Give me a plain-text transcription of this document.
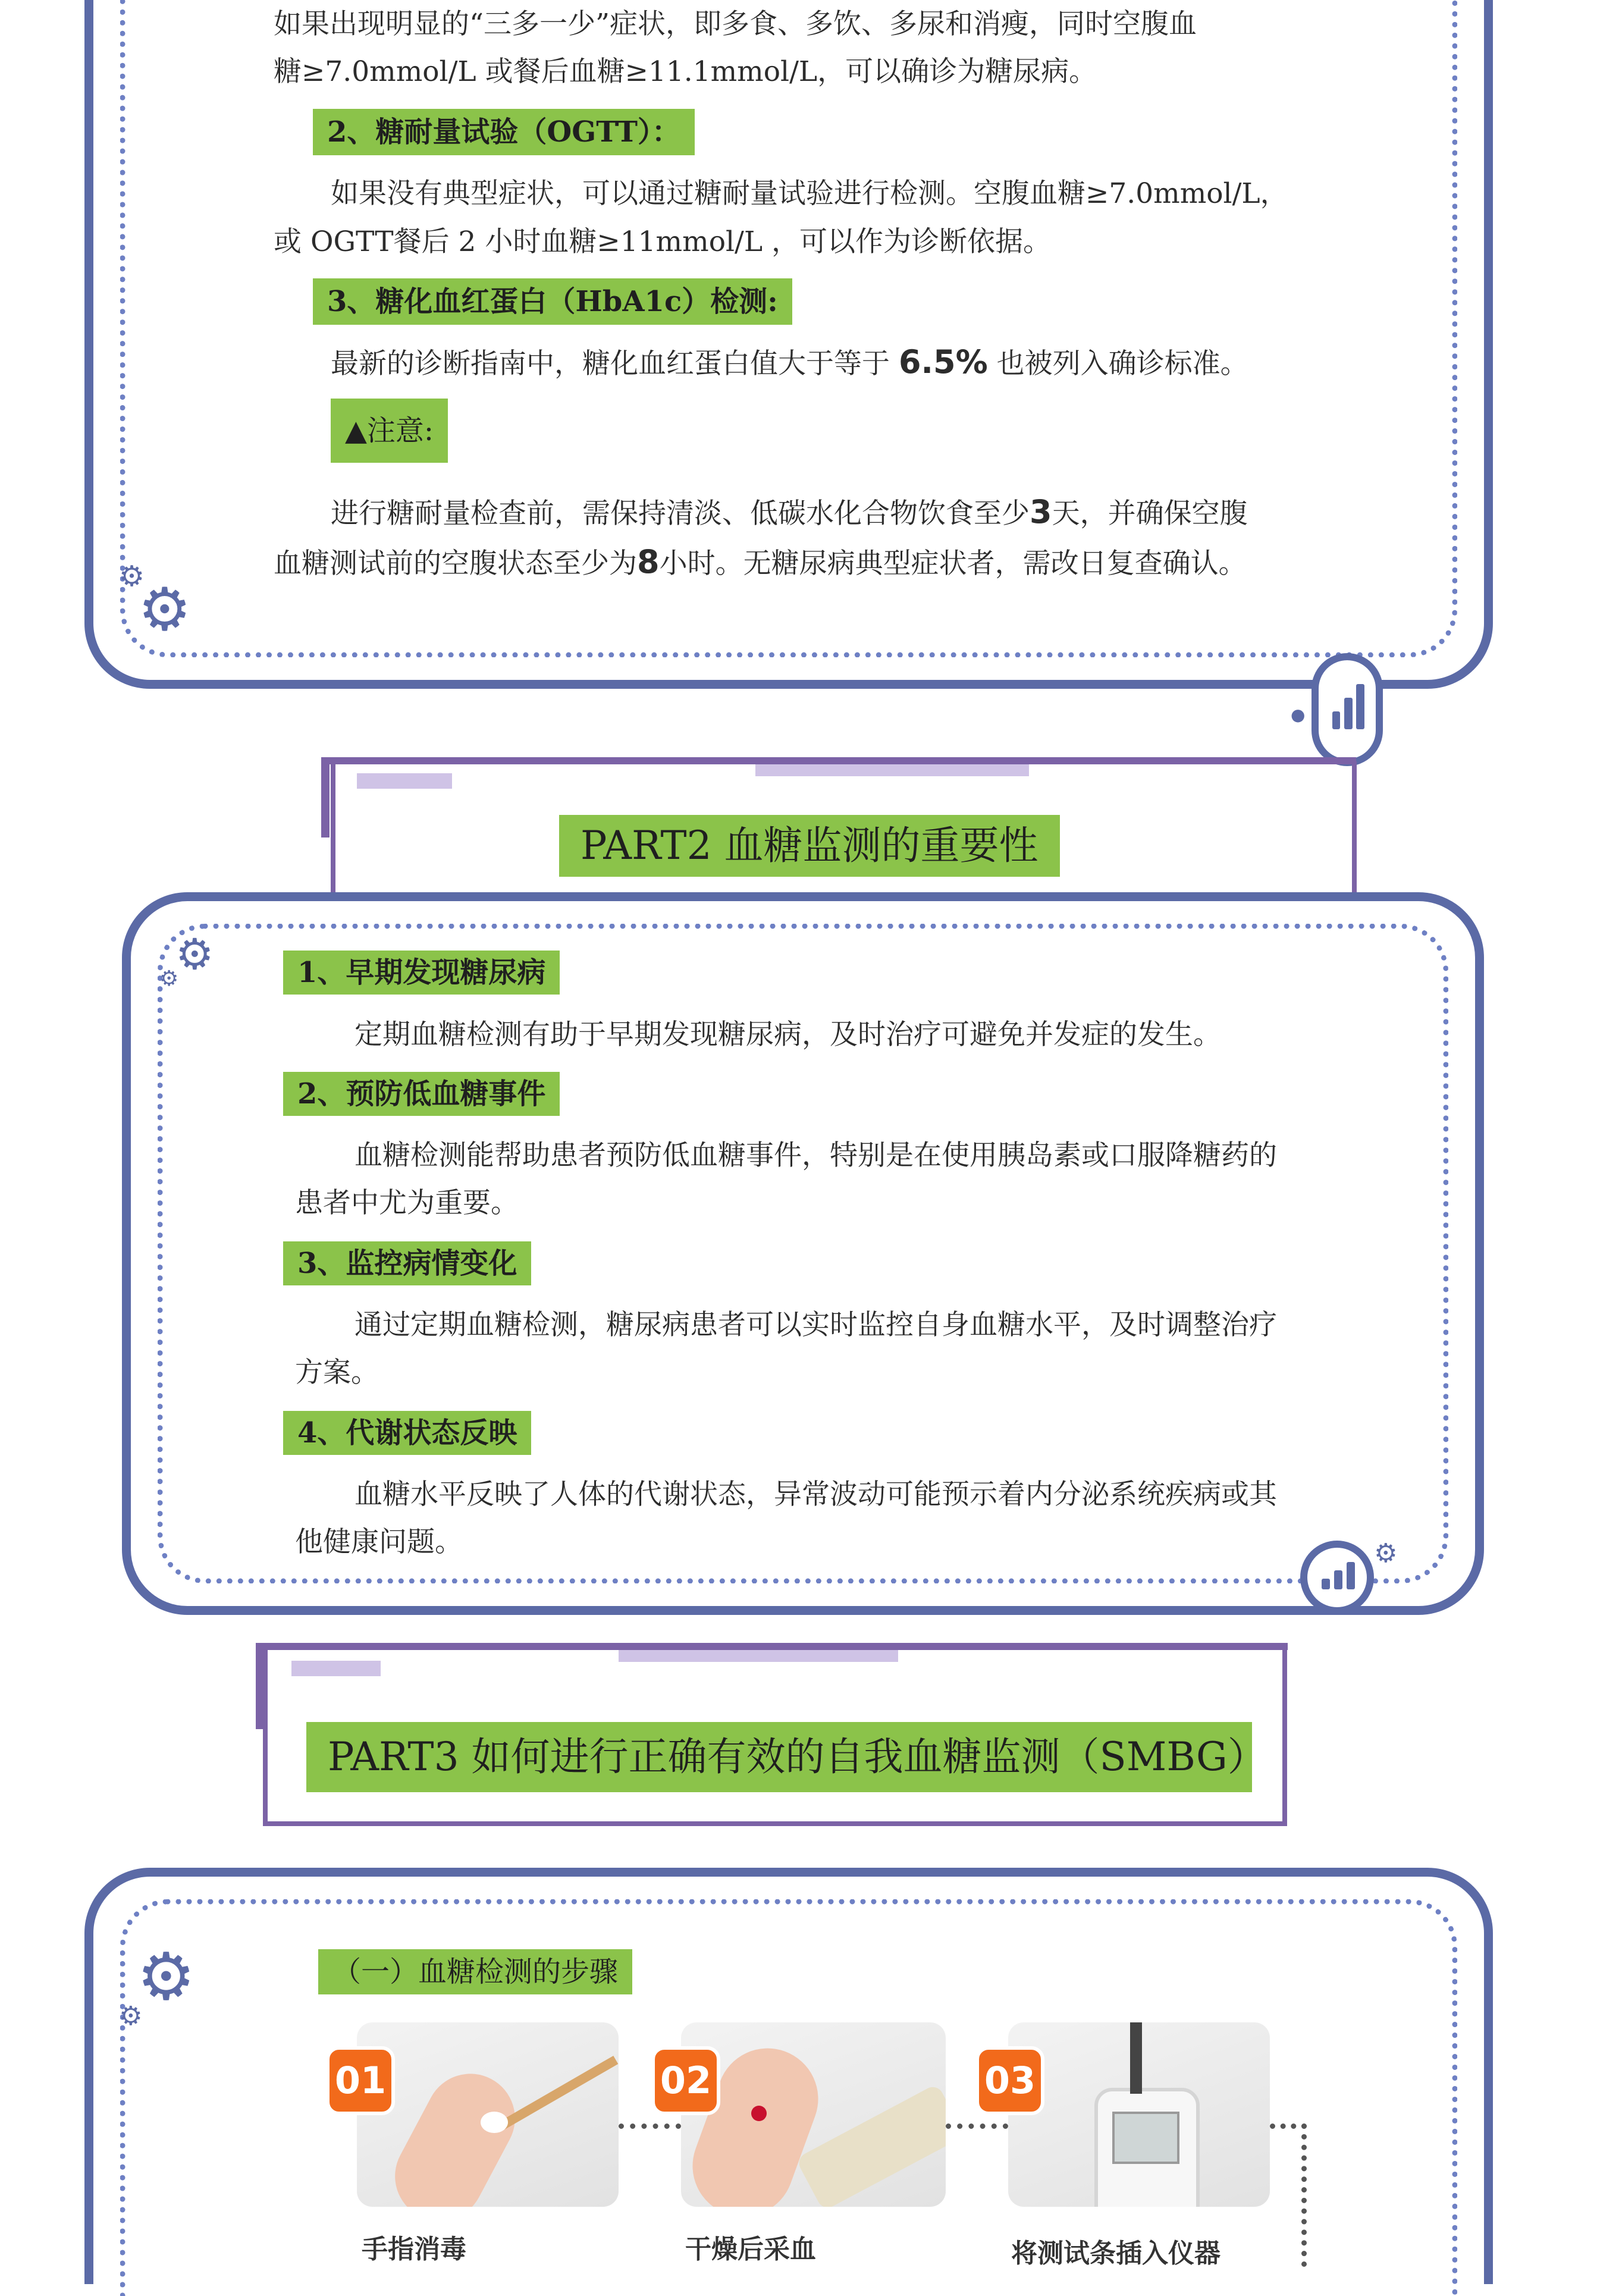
如果出现明显的“三多一少”症状，即多食、多饮、多尿和消瘦，同时空腹血
糖≥7.0mmol/L 或餐后血糖≥11.1mmol/L，可以确诊为糖尿病。
2、糖耐量试验（OGTT）：
如果没有典型症状，可以通过糖耐量试验进行检测。空腹血糖≥7.0mmol/L，
或 OGTT餐后 2 小时血糖≥11mmol/L ，可以作为诊断依据。
3、糖化血红蛋白（HbA1c）检测:
最新的诊断指南中，糖化血红蛋白值大于等于 6.5% 也被列入确诊标准。
▲注意:
进行糖耐量检查前，需保持清淡、低碳水化合物饮食至少3天，并确保空腹
血糖测试前的空腹状态至少为8小时。无糖尿病典型症状者，需改日复查确认。
⚙
⚙
●
PART2 血糖监测的重要性
⚙
⚙	1、早期发现糖尿病
定期血糖检测有助于早期发现糖尿病，及时治疗可避免并发症的发生。
2、预防低血糖事件
血糖检测能帮助患者预防低血糖事件，特别是在使用胰岛素或口服降糖药的
患者中尤为重要。
3、监控病情变化
通过定期血糖检测，糖尿病患者可以实时监控自身血糖水平，及时调整治疗
方案。
4、代谢状态反映
血糖水平反映了人体的代谢状态，异常波动可能预示着内分泌系统疾病或其
他健康问题。	⚙
PART3 如何进行正确有效的自我血糖监测（SMBG）
⚙
⚙
（一）血糖检测的步骤
01	02	03
手指消毒	干燥后采血	将测试条插入仪器
